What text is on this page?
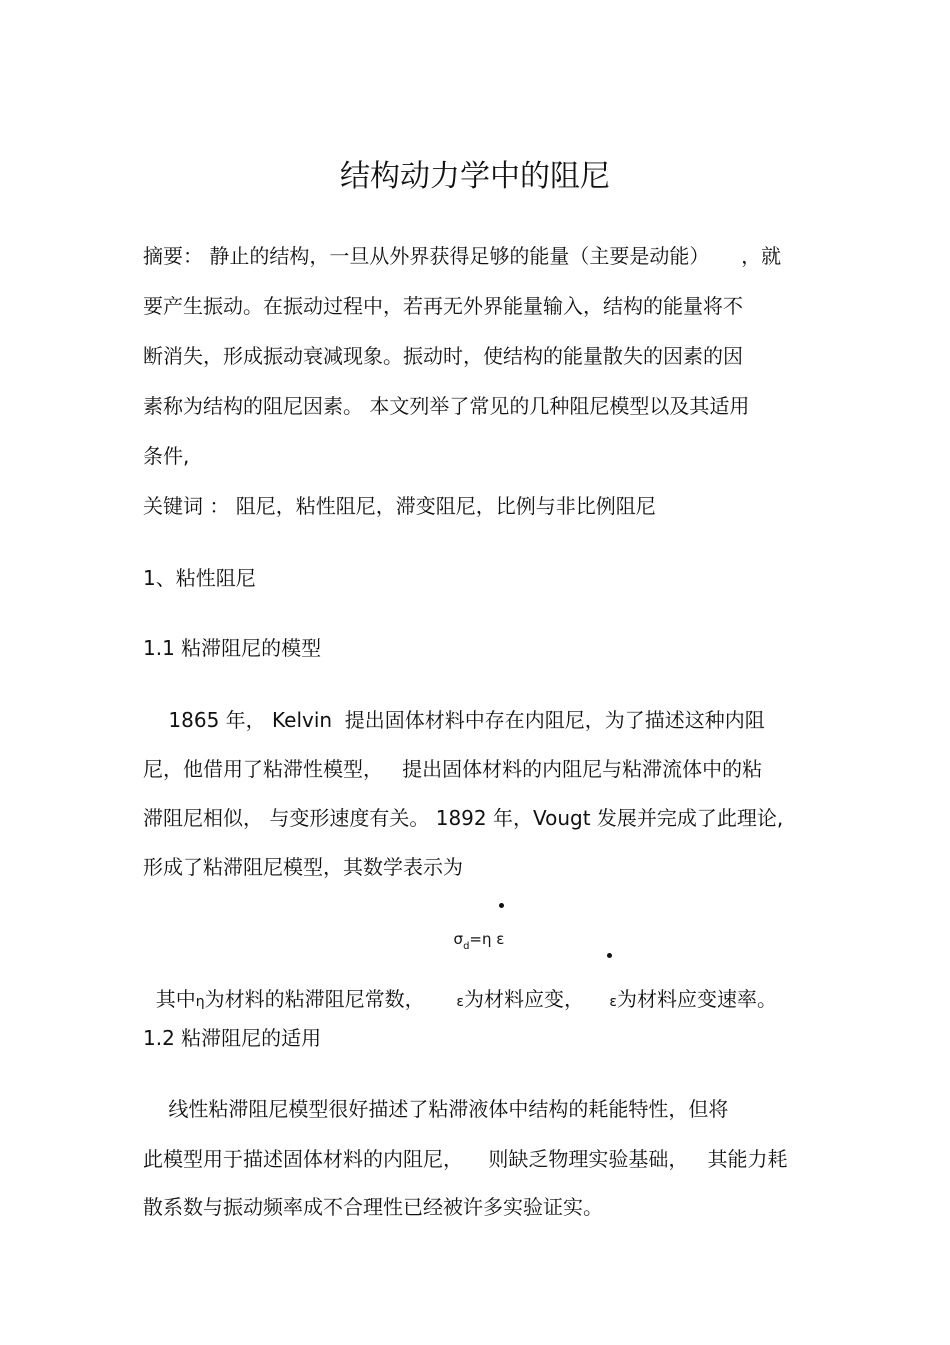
结构动力学中的阻尼
摘要： 静止的结构，一旦从外界获得足够的能量（主要是动能）     ，就
要产生振动。在振动过程中，若再无外界能量输入，结构的能量将不
断消失，形成振动衰减现象。振动时，使结构的能量散失的因素的因
素称为结构的阻尼因素。 本文列举了常见的几种阻尼模型以及其适用
条件,
关键词 ： 阻尼，粘性阻尼，滞变阻尼，比例与非比例阻尼
1、粘性阻尼
1.1 粘滞阻尼的模型
1865 年， Kelvin  提出固体材料中存在内阻尼，为了描述这种内阻
尼，他借用了粘滞性模型，   提出固体材料的内阻尼与粘滞流体中的粘
滞阻尼相似， 与变形速度有关。 1892 年，Vougt 发展并完成了此理论,
形成了粘滞阻尼模型，其数学表示为

$\sigma_d=\eta$ ε

其中η为材料的粘滞阻尼常数， ε为材料应变， ε为材料应变速率。

1.2 粘滞阻尼的适用
线性粘滞阻尼模型很好描述了粘滞液体中结构的耗能特性，但将
此模型用于描述固体材料的内阻尼，    则缺乏物理实验基础，   其能力耗
散系数与振动频率成不合理性已经被许多实验证实。
